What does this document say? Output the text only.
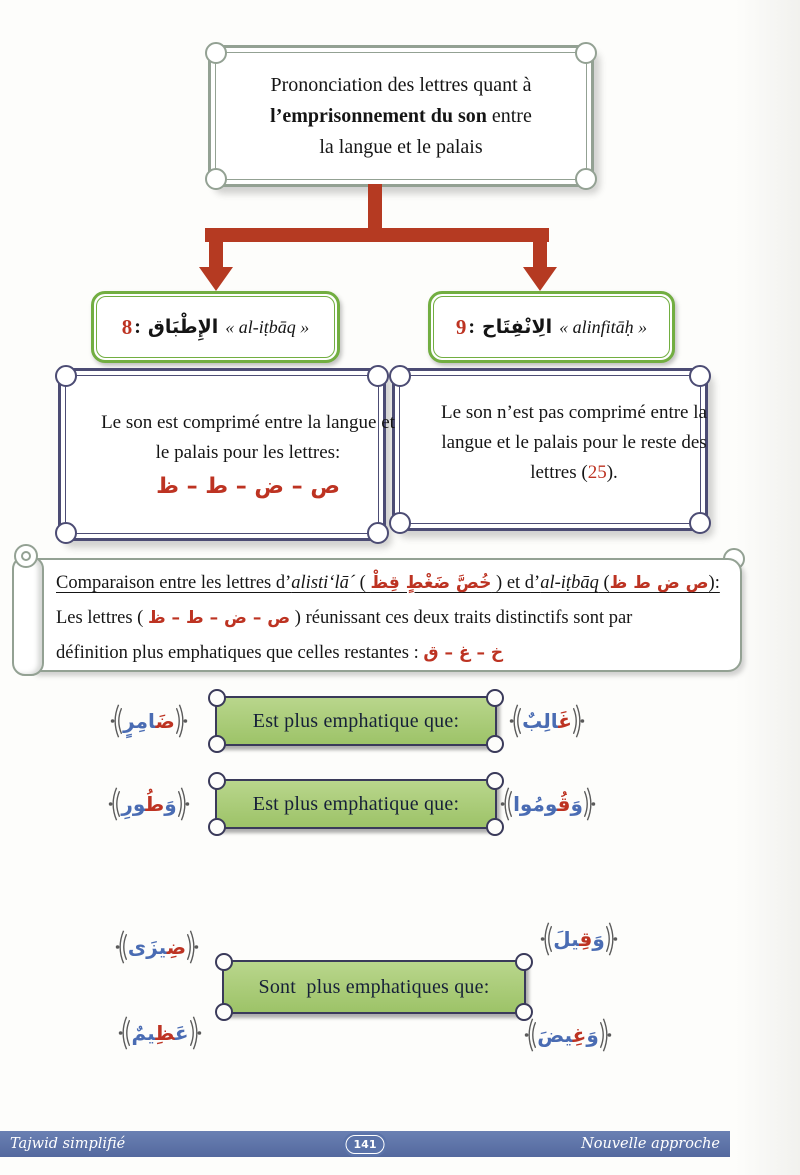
Prononciation des lettres quant à
l’emprisonnement du son entre
la langue et le palais
8 : الإِطْبَاق « al-iṭbāq »	9 : الِانْفِتَاح « alinfitāḥ »
Le son est comprimé entre la langue et le palais pour les lettres:
ص – ض – ط – ظ
Le son n’est pas comprimé entre la langue et le palais pour le reste des lettres (25).
Comparaison entre les lettres d’alisti‘lā´ ( خُصَّ ضَغْطٍ قِظْ ) et d’al-iṭbāq (ص ض ط ظ):
Les lettres ( ص – ض – ط – ظ ) réunissant ces deux traits distinctifs sont par
définition plus emphatiques que celles restantes : خ – غ – ق
ضَامِرٍ	Est plus emphatique que:	غَالِبٌ
وَطُورِ	Est plus emphatique que:	وَقُومُوا
ضِيزَى	وَقِيلَ
Sont  plus emphatiques que:
عَظِيمٌ	وَغِيضَ
Tajwid simplifié	141	Nouvelle approche
